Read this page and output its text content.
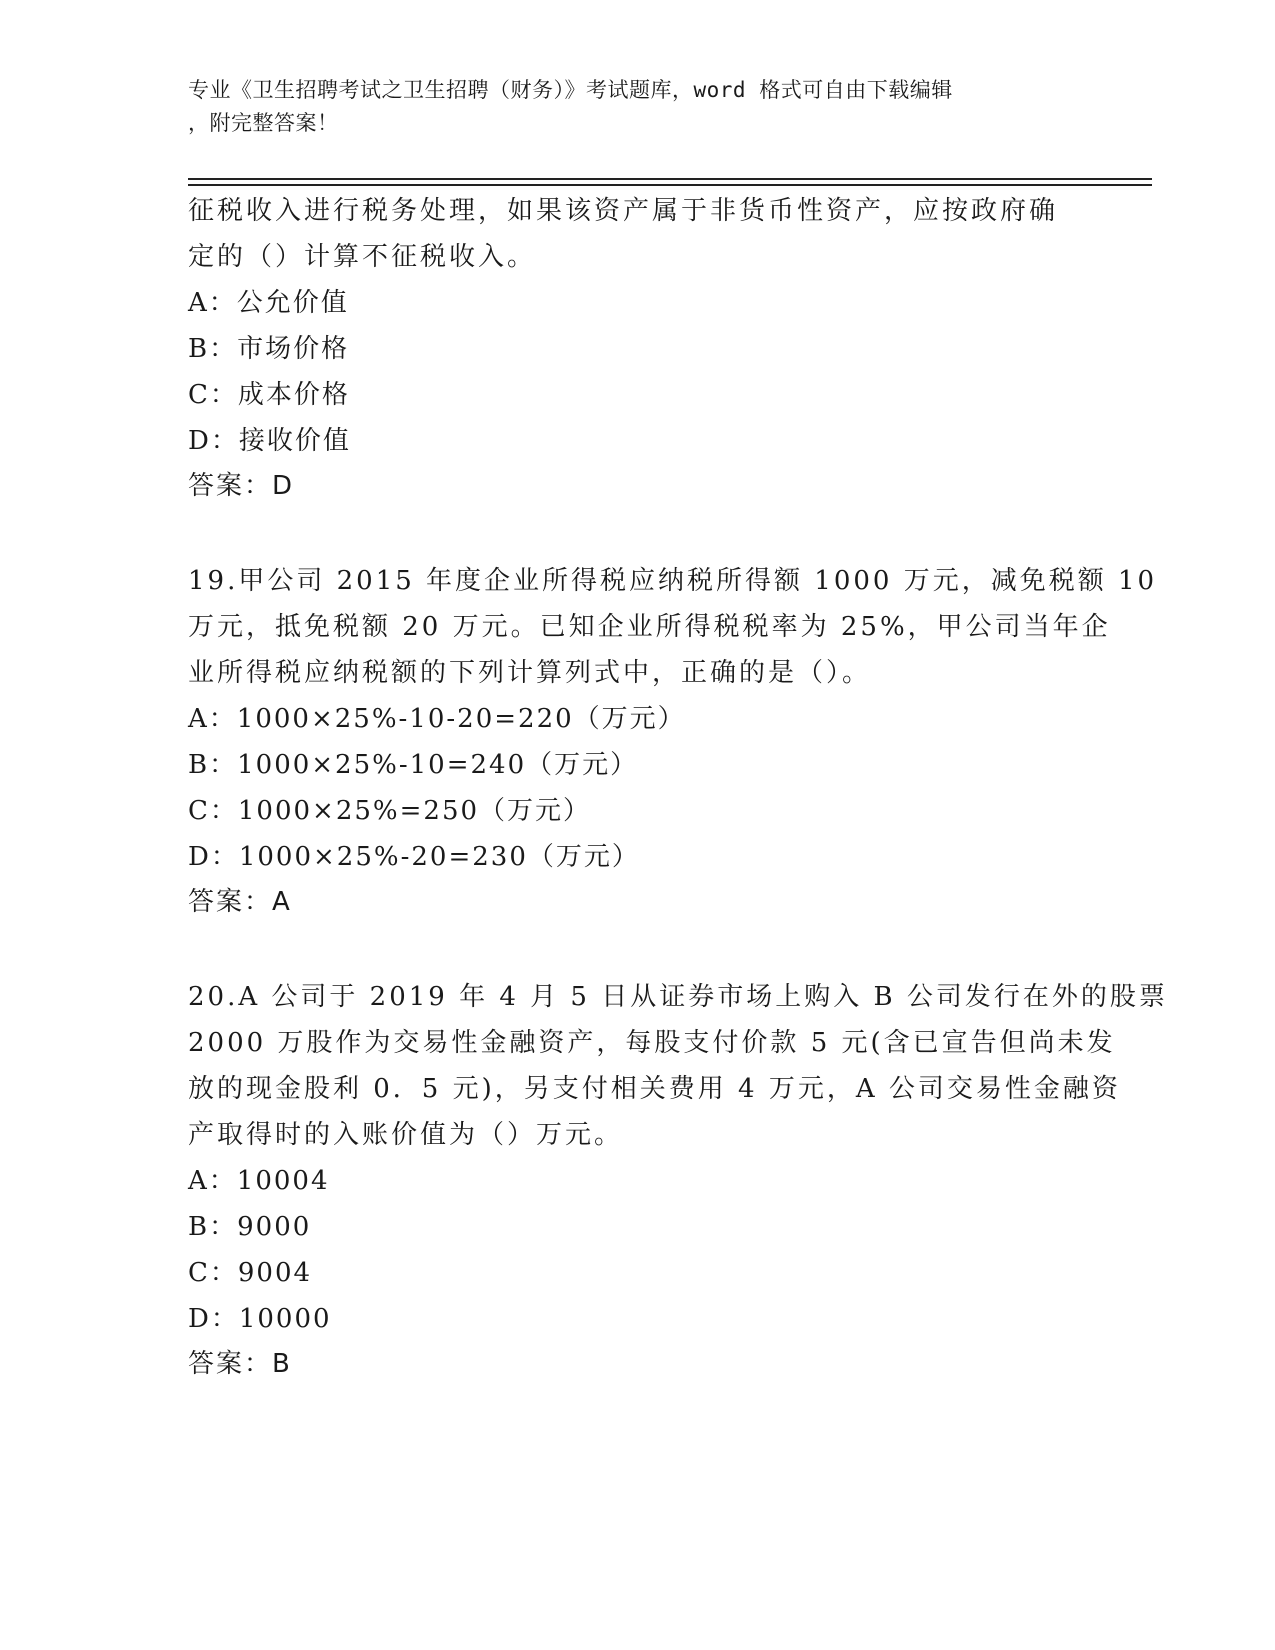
专业《卫生招聘考试之卫生招聘（财务）》考试题库，word 格式可自由下载编辑
，附完整答案！
征税收入进行税务处理，如果该资产属于非货币性资产，应按政府确
定的（）计算不征税收入。
A：公允价值
B：市场价格
C：成本价格
D：接收价值
答案：D
19.甲公司 2015 年度企业所得税应纳税所得额 1000 万元，减免税额 10
万元，抵免税额 20 万元。已知企业所得税税率为 25%，甲公司当年企
业所得税应纳税额的下列计算列式中，正确的是（）。
A：1000×25%-10-20=220（万元）
B：1000×25%-10=240（万元）
C：1000×25%=250（万元）
D：1000×25%-20=230（万元）
答案：A
20.A 公司于 2019 年 4 月 5 日从证券市场上购入 B 公司发行在外的股票
2000 万股作为交易性金融资产，每股支付价款 5 元(含已宣告但尚未发
放的现金股利 0．5 元)，另支付相关费用 4 万元，A 公司交易性金融资
产取得时的入账价值为（）万元。
A：10004
B：9000
C：9004
D：10000
答案：B
